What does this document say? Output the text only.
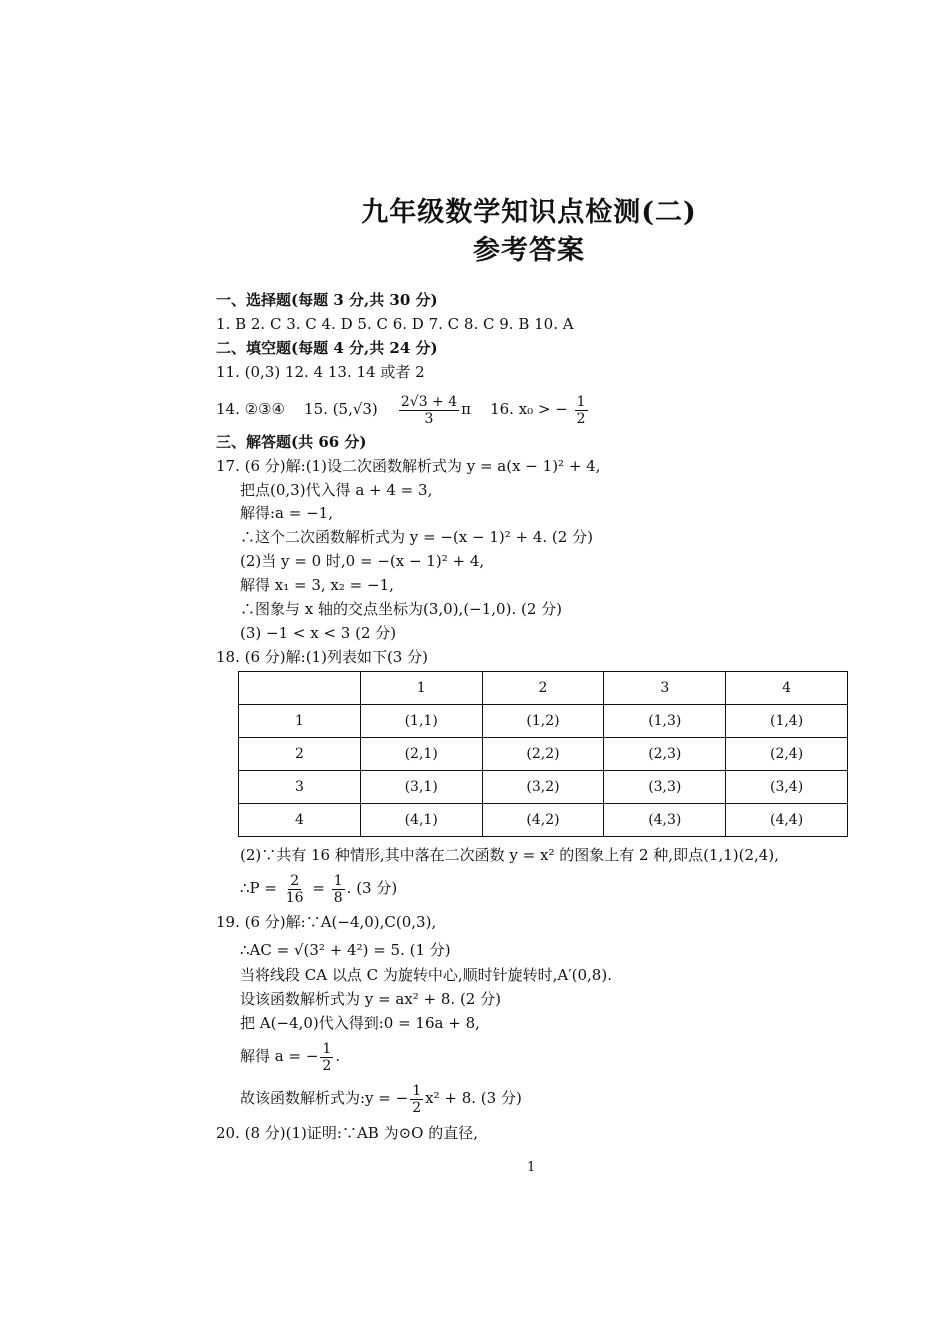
九年级数学知识点检测(二)
参考答案
一、选择题(每题 3 分,共 30 分)
1. B 2. C 3. C 4. D 5. C 6. D 7. C 8. C 9. B 10. A
二、填空题(每题 4 分,共 24 分)
11. (0,3) 12. 4 13. 14 或者 2
14. ②③④ 15. $(5,√3) \frac{2√3 + 4}{3}$ π 16. x₀ > − $\frac{1}{2}$
三、解答题(共 66 分)
17. (6 分)解:(1)设二次函数解析式为 y = a(x − 1)² + 4,
把点(0,3)代入得 a + 4 = 3,
解得:a = −1,
∴这个二次函数解析式为 y = −(x − 1)² + 4. (2 分)
(2)当 y = 0 时,0 = −(x − 1)² + 4,
解得 x₁ = 3, x₂ = −1,
∴图象与 x 轴的交点坐标为(3,0),(−1,0). (2 分)
(3) −1 < x < 3 (2 分)
18. (6 分)解:(1)列表如下(3 分)
	1	2	3	4
1	(1,1)	(1,2)	(1,3)	(1,4)
2	(2,1)	(2,2)	(2,3)	(2,4)
3	(3,1)	(3,2)	(3,3)	(3,4)
4	(4,1)	(4,2)	(4,3)	(4,4)
(2)∵共有 16 种情形,其中落在二次函数 y = x² 的图象上有 2 种,即点(1,1)(2,4),
∴P = $\frac{2}{16} = \frac{1}{8}$ . (3 分)
19. (6 分)解:∵A(−4,0),C(0,3),
∴AC = √(3² + 4²) = 5. (1 分)
当将线段 CA 以点 C 为旋转中心,顺时针旋转时,A′(0,8).
设该函数解析式为 y = ax² + 8. (2 分)
把 A(−4,0)代入得到:0 = 16a + 8,
解得 a = − $\frac{1}{2}$ .
故该函数解析式为:y = − $\frac{1}{2} x^2 + 8$. (3 分)
20. (8 分)(1)证明:∵AB 为⊙O 的直径,
1
